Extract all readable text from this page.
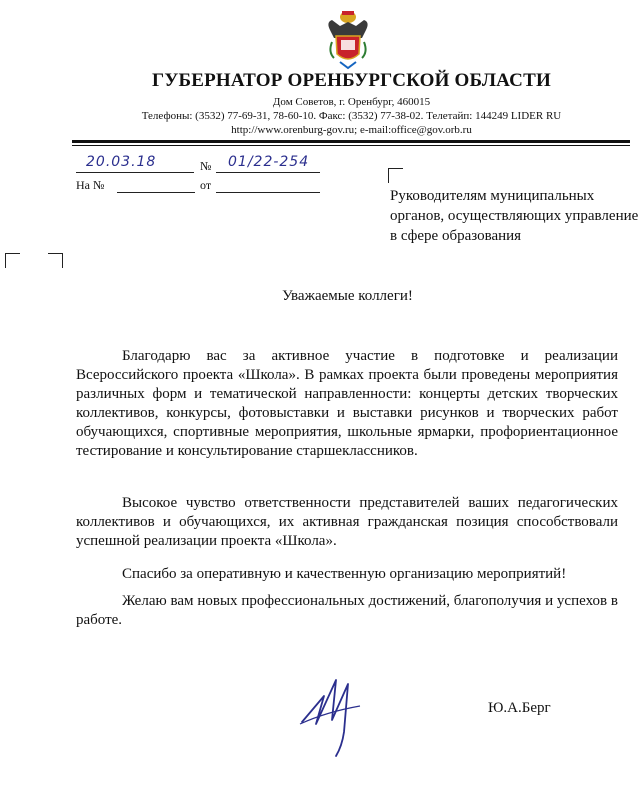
ГУБЕРНАТОР ОРЕНБУРГСКОЙ ОБЛАСТИ
Дом Советов, г. Оренбург, 460015
Телефоны: (3532) 77-69-31, 78-60-10. Факс: (3532) 77-38-02. Телетайп: 144249 LIDER RU
http://www.orenburg-gov.ru; e-mail:office@gov.orb.ru
20.03.18	№ 01/22-254
На №	от
Руководителям муниципальных органов, осуществляющих управление в сфере образования
Уважаемые коллеги!

Благодарю вас за активное участие в подготовке и реализации Всероссийского проекта «Школа». В рамках проекта были проведены мероприятия различных форм и тематической направленности: концерты детских творческих коллективов, конкурсы, фотовыставки и выставки рисунков и творческих работ обучающихся, спортивные мероприятия, школьные ярмарки, профориентационное тестирование и консультирование старшеклассников.

Высокое чувство ответственности представителей ваших педагогических коллективов и обучающихся, их активная гражданская позиция способствовали успешной реализации проекта «Школа».

Спасибо за оперативную и качественную организацию мероприятий!

Желаю вам новых профессиональных достижений, благополучия и успехов в работе.

Ю.А.Берг
